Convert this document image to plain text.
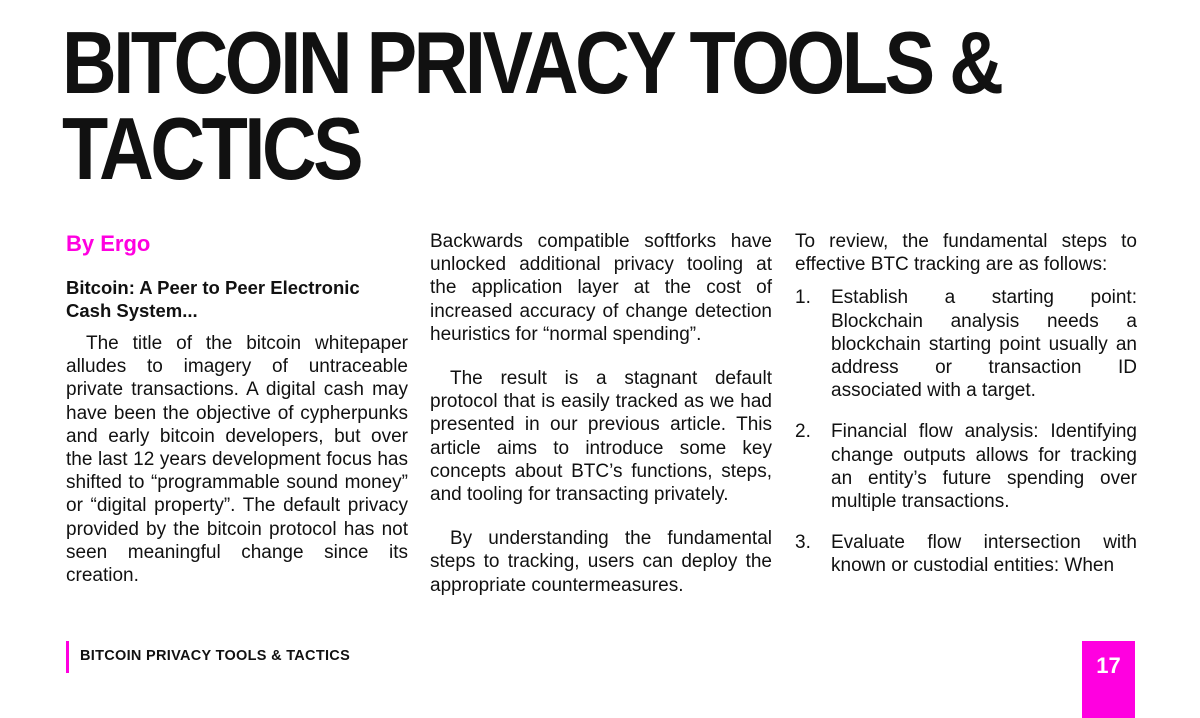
BITCOIN PRIVACY TOOLS &
TACTICS

By Ergo

Bitcoin: A Peer to Peer Electronic Cash System...

The title of the bitcoin whitepaper alludes to imagery of untraceable private transactions. A digital cash may have been the objective of cypherpunks and early bitcoin developers, but over the last 12 years development focus has shifted to “programmable sound money” or “digital property”. The default privacy provided by the bitcoin protocol has not seen meaningful change since its creation.

Backwards compatible softforks have unlocked additional privacy tooling at the application layer at the cost of increased accuracy of change detection heuristics for “normal spending”.

The result is a stagnant default protocol that is easily tracked as we had presented in our previous article. This article aims to introduce some key concepts about BTC’s functions, steps, and tooling for transacting privately.

By understanding the fundamental steps to tracking, users can deploy the appropriate countermeasures.

To review, the fundamental steps to effective BTC tracking are as follows:

1. Establish a starting point: Blockchain analysis needs a blockchain starting point usually an address or transaction ID associated with a target.
2. Financial flow analysis: Identifying change outputs allows for tracking an entity’s future spending over multiple transactions.
3. Evaluate flow intersection with known or custodial entities: When
BITCOIN PRIVACY TOOLS & TACTICS	17
